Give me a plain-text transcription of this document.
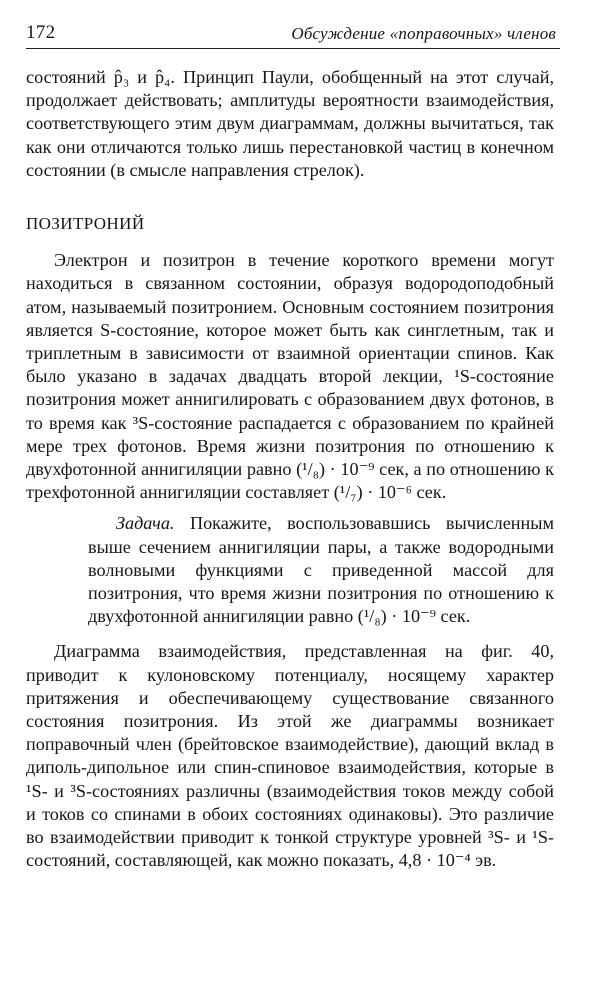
172	Обсуждение «поправочных» членов

состояний p̂₃ и p̂₄. Принцип Паули, обобщенный на этот случай, продолжает действовать; амплитуды вероятности взаимодействия, соответствующего этим двум диаграммам, должны вычитаться, так как они отличаются только лишь перестановкой частиц в конечном состоянии (в смысле направления стрелок).

ПОЗИТРОНИЙ

Электрон и позитрон в течение короткого времени могут находиться в связанном состоянии, образуя водородоподобный атом, называемый позитронием. Основным состоянием позитрония является S-состояние, которое может быть как синглетным, так и триплетным в зависимости от взаимной ориентации спинов. Как было указано в задачах двадцать второй лекции, ¹S-состояние позитрония может аннигилировать с образованием двух фотонов, в то время как ³S-состояние распадается с образованием по крайней мере трех фотонов. Время жизни позитрония по отношению к двухфотонной аннигиляции равно (¹/₈) · 10⁻⁹ сек, а по отношению к трехфотонной аннигиляции составляет (¹/₇) · 10⁻⁶ сек.

Задача. Покажите, воспользовавшись вычисленным выше сечением аннигиляции пары, а также водородными волновыми функциями с приведенной массой для позитрония, что время жизни позитрония по отношению к двухфотонной аннигиляции равно (¹/₈) · 10⁻⁹ сек.

Диаграмма взаимодействия, представленная на фиг. 40, приводит к кулоновскому потенциалу, носящему характер притяжения и обеспечивающему существование связанного состояния позитрония. Из этой же диаграммы возникает поправочный член (брейтовское взаимодействие), дающий вклад в диполь-дипольное или спин-спиновое взаимодействия, которые в ¹S- и ³S-состояниях различны (взаимодействия токов между собой и токов со спинами в обоих состояниях одинаковы). Это различие во взаимодействии приводит к тонкой структуре уровней ³S- и ¹S-состояний, составляющей, как можно показать, 4,8 · 10⁻⁴ эв.
